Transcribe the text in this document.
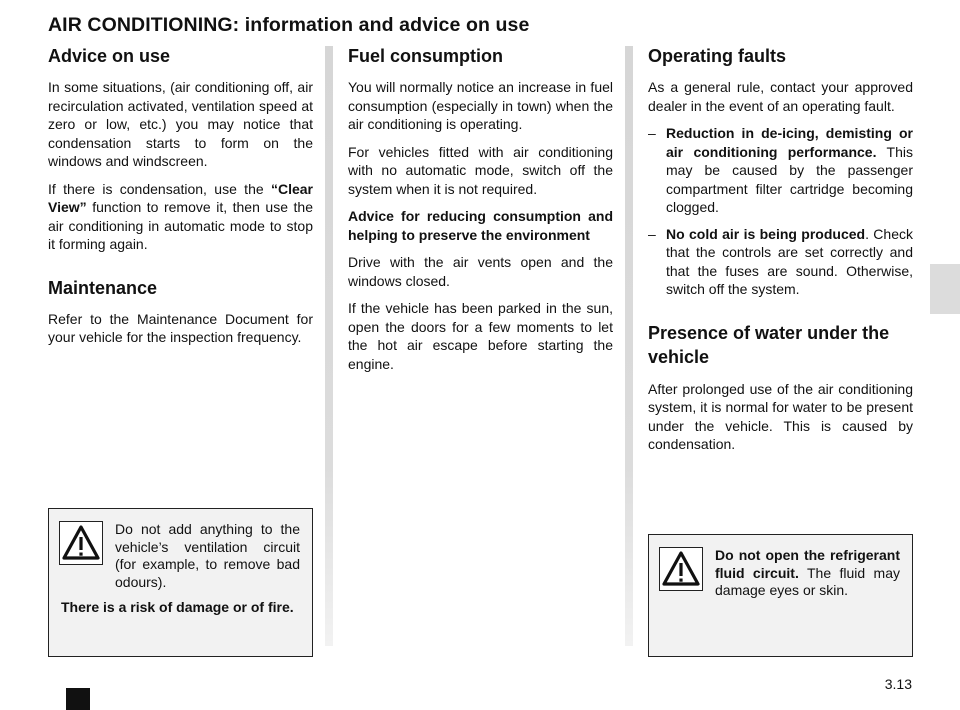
AIR CONDITIONING: information and advice on use
Advice on use

In some situations, (air conditioning off, air recirculation activated, ventilation speed at zero or low, etc.) you may notice that condensation starts to form on the windows and windscreen.

If there is condensation, use the “Clear View” function to remove it, then use the air conditioning in automatic mode to stop it forming again.

Maintenance

Refer to the Maintenance Document for your vehicle for the inspection frequency.

Fuel consumption

You will normally notice an increase in fuel consumption (especially in town) when the air conditioning is operating.

For vehicles fitted with air conditioning with no automatic mode, switch off the system when it is not required.

Advice for reducing consumption and helping to preserve the environment

Drive with the air vents open and the windows closed.

If the vehicle has been parked in the sun, open the doors for a few moments to let the hot air escape before starting the engine.

Operating faults

As a general rule, contact your approved dealer in the event of an operating fault.

– Reduction in de-icing, demisting or air conditioning performance. This may be caused by the passenger compartment filter cartridge becoming clogged.
– No cold air is being produced. Check that the controls are set correctly and that the fuses are sound. Otherwise, switch off the system.
Presence of water under the vehicle

After prolonged use of the air conditioning system, it is normal for water to be present under the vehicle. This is caused by condensation.

Do not add anything to the vehicle’s ventilation circuit (for example, to remove bad odours).
There is a risk of damage or of fire.
Do not open the refrigerant fluid circuit. The fluid may damage eyes or skin.
3.13
